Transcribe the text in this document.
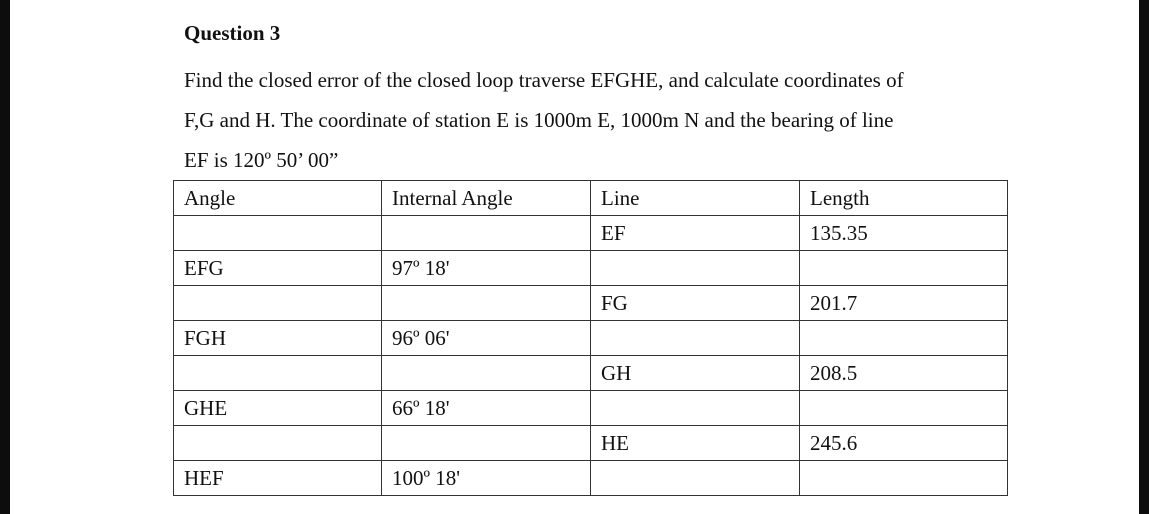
Question 3
Find the closed error of the closed loop traverse EFGHE, and calculate coordinates of
F,G and H. The coordinate of station E is 1000m E, 1000m N and the bearing of line
EF is 120º 50’ 00”
Angle	Internal Angle	Line	Length
		EF	135.35
EFG	97º 18'		
		FG	201.7
FGH	96º 06'		
		GH	208.5
GHE	66º 18'		
		HE	245.6
HEF	100º 18'		
